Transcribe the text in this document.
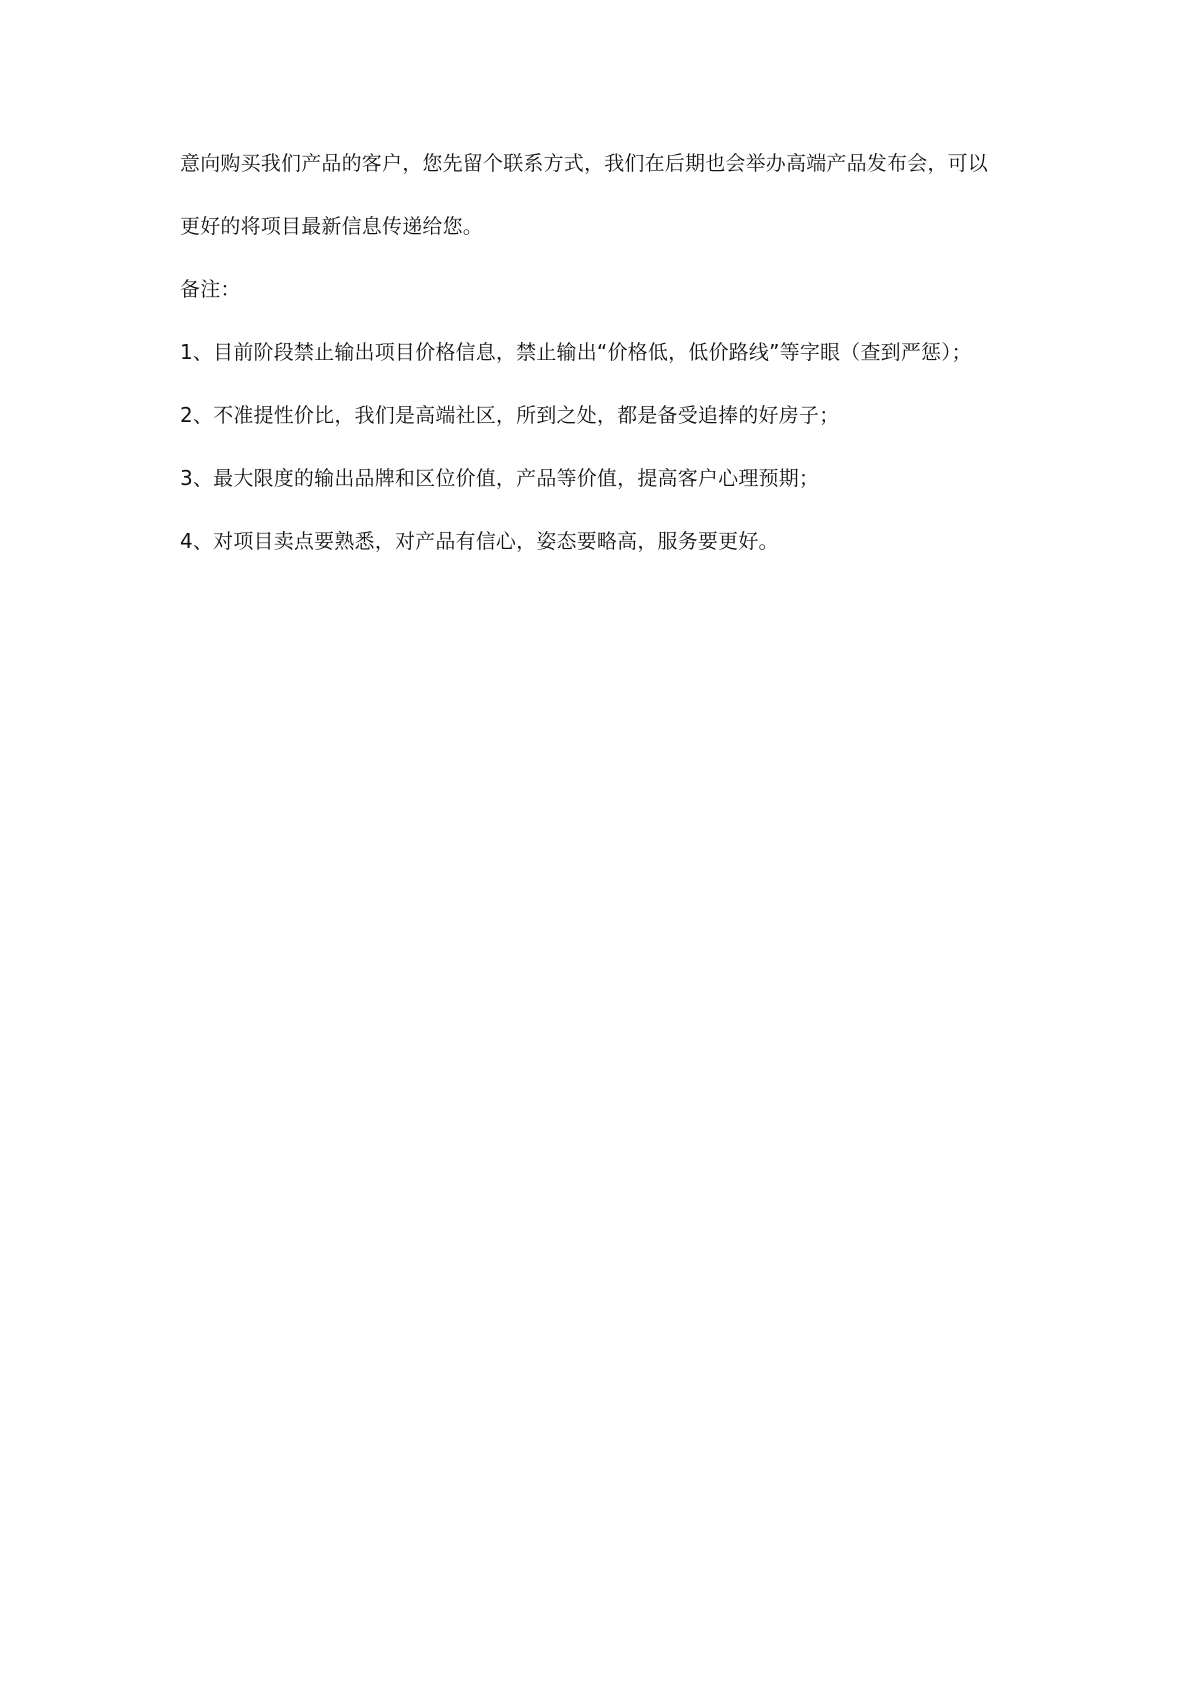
意向购买我们产品的客户，您先留个联系方式，我们在后期也会举办高端产品发布会，可以
更好的将项目最新信息传递给您。
备注：
1、目前阶段禁止输出项目价格信息，禁止输出“价格低，低价路线”等字眼（查到严惩）；
2、不准提性价比，我们是高端社区，所到之处，都是备受追捧的好房子；
3、最大限度的输出品牌和区位价值，产品等价值，提高客户心理预期；
4、对项目卖点要熟悉，对产品有信心，姿态要略高，服务要更好。
